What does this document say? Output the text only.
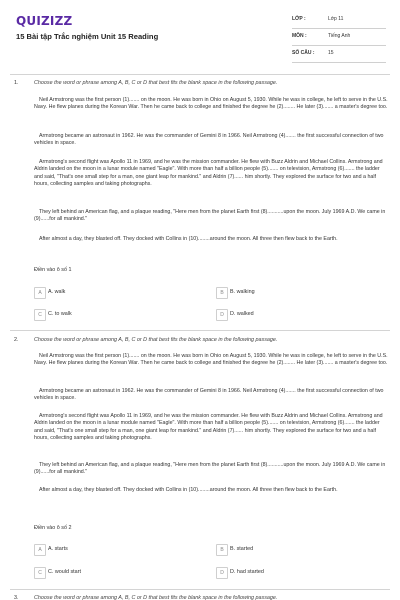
QUIZIZZ
15 Bài tập Trắc nghiệm Unit 15 Reading
LỚP :	Lớp 11
MÔN :	Tiếng Anh
SỐ CÂU :	15
1.	Choose the word or phrase among A, B, C or D that best fits the blank space in the following passage.
Neil Armstrong was the first person (1)....... on the moon. He was born in Ohio on August 5, 1930. While he was in college, he left to serve in the U.S. Navy. He flew planes during the Korean War. Then he came back to college and finished the degree he (2)........ He later (3)....... a master's degree too.
Armstrong became an astronaut in 1962. He was the commander of Gemini 8 in 1966. Neil Armstrong (4)....... the first successful connection of two vehicles in space.
Armstrong's second flight was Apollo 11 in 1969, and he was the mission commander. He flew with Buzz Aldrin and Michael Collins. Armstrong and Aldrin landed on the moon in a lunar module named "Eagle". With more than half a billion people (5)....... on television, Armstrong (6)....... the ladder and said, "That's one small step for a man, one giant leap for mankind." and Aldrin (7)...... him shortly. They explored the surface for two and a half hours, collecting samples and taking photographs.
They left behind an American flag, and a plaque reading, "Here men from the planet Earth first (8)...........upon the moon. July 1969 A.D. We came in (9)......for all mankind."
After almost a day, they blasted off. They docked with Collins in (10)........around the moon. All three then flew back to the Earth.
Điền vào ô số 1
A	A. walk	B	B. walking
C	C. to walk	D	D. walked
2.	Choose the word or phrase among A, B, C or D that best fits the blank space in the following passage.
Neil Armstrong was the first person (1)....... on the moon. He was born in Ohio on August 5, 1930. While he was in college, he left to serve in the U.S. Navy. He flew planes during the Korean War. Then he came back to college and finished the degree he (2)........ He later (3)....... a master's degree too.
Armstrong became an astronaut in 1962. He was the commander of Gemini 8 in 1966. Neil Armstrong (4)....... the first successful connection of two vehicles in space.
Armstrong's second flight was Apollo 11 in 1969, and he was the mission commander. He flew with Buzz Aldrin and Michael Collins. Armstrong and Aldrin landed on the moon in a lunar module named "Eagle". With more than half a billion people (5)....... on television, Armstrong (6)....... the ladder and said, "That's one small step for a man, one giant leap for mankind." and Aldrin (7)...... him shortly. They explored the surface for two and a half hours, collecting samples and taking photographs.
They left behind an American flag, and a plaque reading, "Here men from the planet Earth first (8)...........upon the moon. July 1969 A.D. We came in (9)......for all mankind."
After almost a day, they blasted off. They docked with Collins in (10)........around the moon. All three then flew back to the Earth.
Điền vào ô số 2
A	A. starts	B	B. started
C	C. would start	D	D. had started
3.	Choose the word or phrase among A, B, C or D that best fits the blank space in the following passage.
